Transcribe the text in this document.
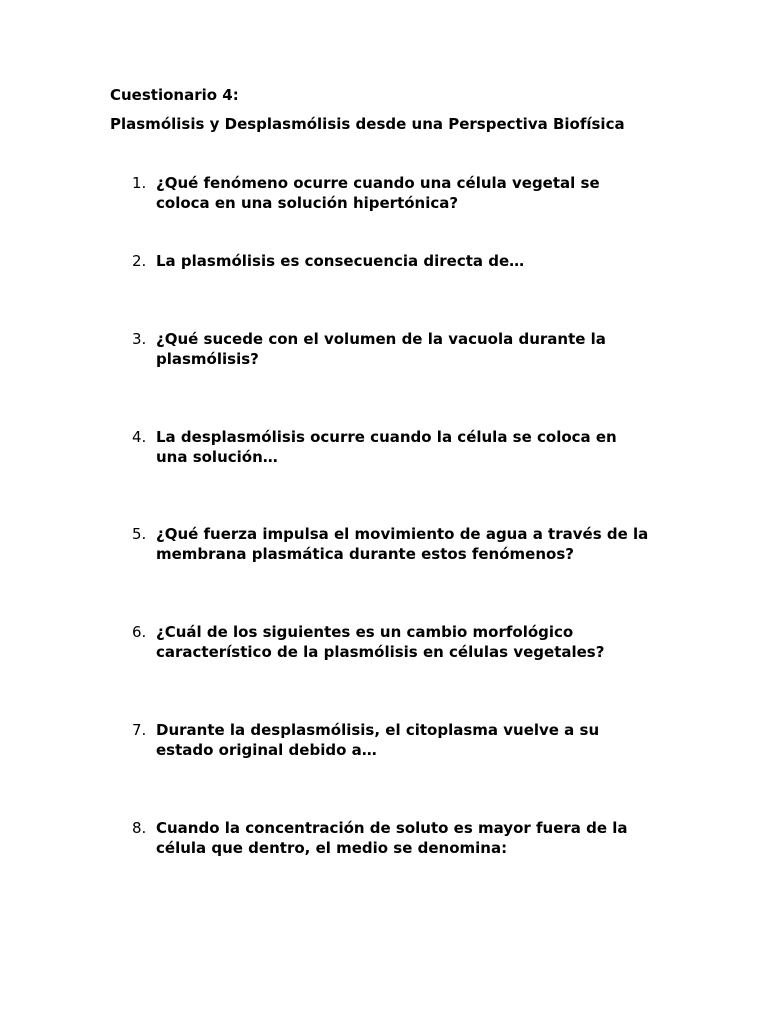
Cuestionario 4:
Plasmólisis y Desplasmólisis desde una Perspectiva Biofísica
1. ¿Qué fenómeno ocurre cuando una célula vegetal se coloca en una solución hipertónica?
2. La plasmólisis es consecuencia directa de…
3. ¿Qué sucede con el volumen de la vacuola durante la plasmólisis?
4. La desplasmólisis ocurre cuando la célula se coloca en una solución…
5. ¿Qué fuerza impulsa el movimiento de agua a través de la membrana plasmática durante estos fenómenos?
6. ¿Cuál de los siguientes es un cambio morfológico característico de la plasmólisis en células vegetales?
7. Durante la desplasmólisis, el citoplasma vuelve a su estado original debido a…
8. Cuando la concentración de soluto es mayor fuera de la célula que dentro, el medio se denomina:
